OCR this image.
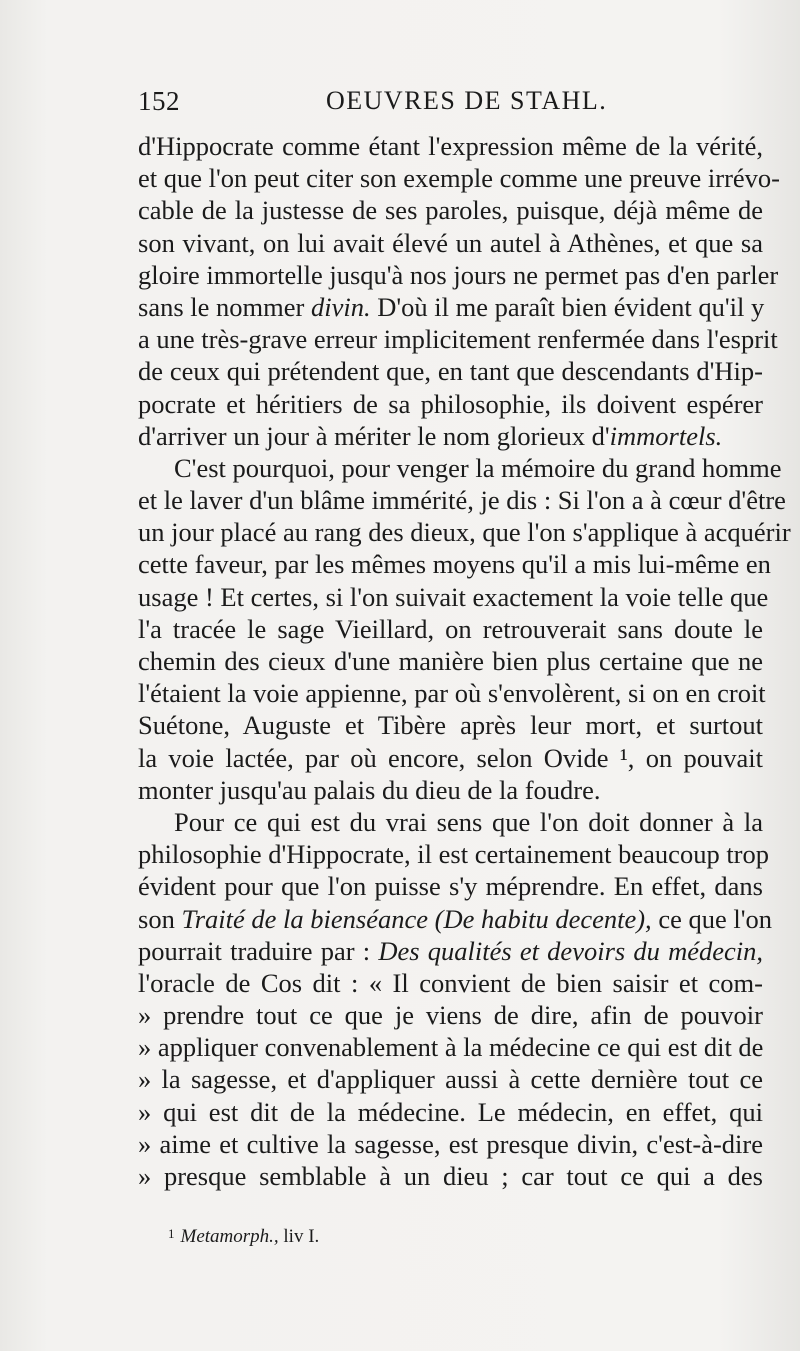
152	OEUVRES DE STAHL.
d'Hippocrate comme étant l'expression même de la vérité,
et que l'on peut citer son exemple comme une preuve irrévo-
cable de la justesse de ses paroles, puisque, déjà même de
son vivant, on lui avait élevé un autel à Athènes, et que sa
gloire immortelle jusqu'à nos jours ne permet pas d'en parler
sans le nommer divin. D'où il me paraît bien évident qu'il y
a une très-grave erreur implicitement renfermée dans l'esprit
de ceux qui prétendent que, en tant que descendants d'Hip-
pocrate et héritiers de sa philosophie, ils doivent espérer
d'arriver un jour à mériter le nom glorieux d'immortels.
C'est pourquoi, pour venger la mémoire du grand homme
et le laver d'un blâme immérité, je dis : Si l'on a à cœur d'être
un jour placé au rang des dieux, que l'on s'applique à acquérir
cette faveur, par les mêmes moyens qu'il a mis lui-même en
usage ! Et certes, si l'on suivait exactement la voie telle que
l'a tracée le sage Vieillard, on retrouverait sans doute le
chemin des cieux d'une manière bien plus certaine que ne
l'étaient la voie appienne, par où s'envolèrent, si on en croit
Suétone, Auguste et Tibère après leur mort, et surtout
la voie lactée, par où encore, selon Ovide ¹, on pouvait
monter jusqu'au palais du dieu de la foudre.
Pour ce qui est du vrai sens que l'on doit donner à la
philosophie d'Hippocrate, il est certainement beaucoup trop
évident pour que l'on puisse s'y méprendre. En effet, dans
son Traité de la bienséance (De habitu decente), ce que l'on
pourrait traduire par : Des qualités et devoirs du médecin,
l'oracle de Cos dit : « Il convient de bien saisir et com-
» prendre tout ce que je viens de dire, afin de pouvoir
» appliquer convenablement à la médecine ce qui est dit de
» la sagesse, et d'appliquer aussi à cette dernière tout ce
» qui est dit de la médecine. Le médecin, en effet, qui
» aime et cultive la sagesse, est presque divin, c'est-à-dire
» presque semblable à un dieu ; car tout ce qui a des
$^1$ Metamorph., liv I.
